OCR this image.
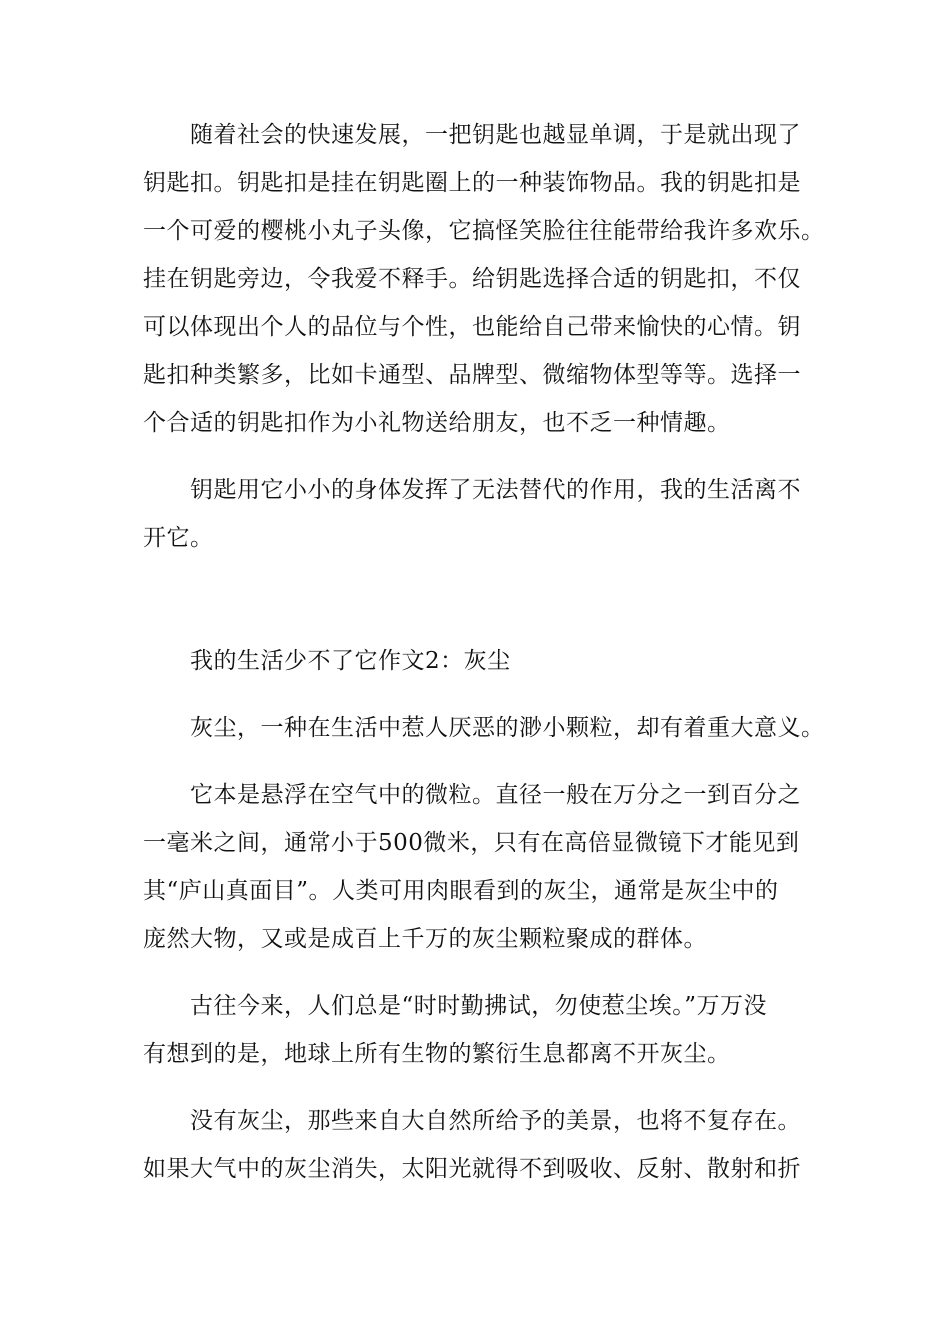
随着社会的快速发展，一把钥匙也越显单调，于是就出现了
钥匙扣。钥匙扣是挂在钥匙圈上的一种装饰物品。我的钥匙扣是
一个可爱的樱桃小丸子头像，它搞怪笑脸往往能带给我许多欢乐。
挂在钥匙旁边，令我爱不释手。给钥匙选择合适的钥匙扣，不仅
可以体现出个人的品位与个性，也能给自己带来愉快的心情。钥
匙扣种类繁多，比如卡通型、品牌型、微缩物体型等等。选择一
个合适的钥匙扣作为小礼物送给朋友，也不乏一种情趣。
钥匙用它小小的身体发挥了无法替代的作用，我的生活离不
开它。
我的生活少不了它作文2：灰尘
灰尘，一种在生活中惹人厌恶的渺小颗粒，却有着重大意义。
它本是悬浮在空气中的微粒。直径一般在万分之一到百分之
一毫米之间，通常小于500微米，只有在高倍显微镜下才能见到
其“庐山真面目”。人类可用肉眼看到的灰尘，通常是灰尘中的
庞然大物，又或是成百上千万的灰尘颗粒聚成的群体。
古往今来，人们总是“时时勤拂试，勿使惹尘埃。”万万没
有想到的是，地球上所有生物的繁衍生息都离不开灰尘。
没有灰尘，那些来自大自然所给予的美景，也将不复存在。
如果大气中的灰尘消失，太阳光就得不到吸收、反射、散射和折
